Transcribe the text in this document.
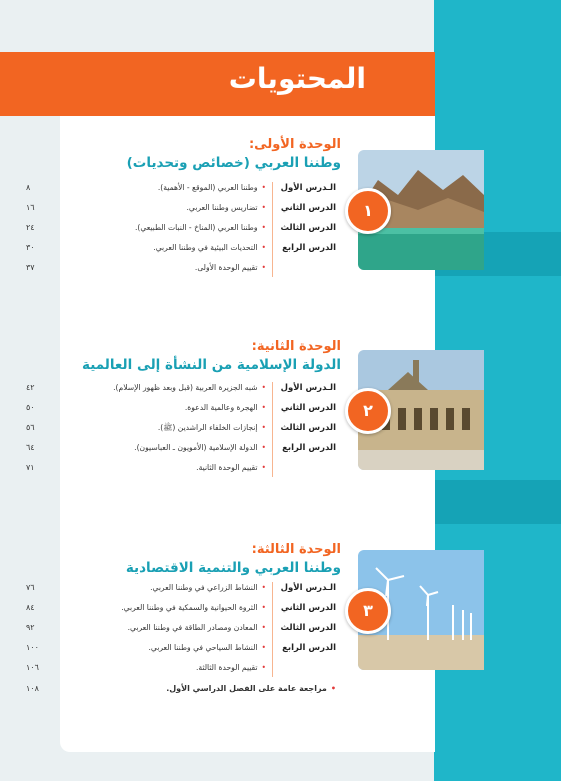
المحتويات
الوحدة الأولى:
وطننا العربي (خصائص وتحديات)
١
الـدرس الأول
•وطننا العربي (الموقع - الأهمية).
٨
الدرس الثاني
•تضاريس وطننا العربي.
١٦
الدرس الثالث
•وطننا العربي (المناخ - النبات الطبيعي).
٢٤
الدرس الرابع
•التحديات البيئية في وطننا العربي.
٣٠
•تقييم الوحدة الأولى.
٣٧
الوحدة الثانية:
الدولة الإسلامية من النشأة إلى العالمية
٢
الـدرس الأول
•شبه الجزيرة العربية (قبل وبعد ظهور الإسلام).
٤٢
الدرس الثاني
•الهجرة وعالمية الدعوة.
٥٠
الدرس الثالث
•إنجازات الخلفاء الراشدين (ﷺ).
٥٦
الدرس الرابع
•الدولة الإسلامية (الأمويون ـ العباسيون).
٦٤
•تقييم الوحدة الثانية.
٧١
الوحدة الثالثة:
وطننا العربي والتنمية الاقتصادية
٣
الـدرس الأول
•النشاط الزراعي في وطننا العربي.
٧٦
الدرس الثاني
•الثروة الحيوانية والسمكية في وطننا العربي.
٨٤
الدرس الثالث
•المعادن ومصادر الطاقة في وطننا العربي.
٩٢
الدرس الرابع
•النشاط السياحي في وطننا العربي.
١٠٠
•تقييم الوحدة الثالثة.
١٠٦
•مراجعة عامة على الفصل الدراسي الأول.
١٠٨
